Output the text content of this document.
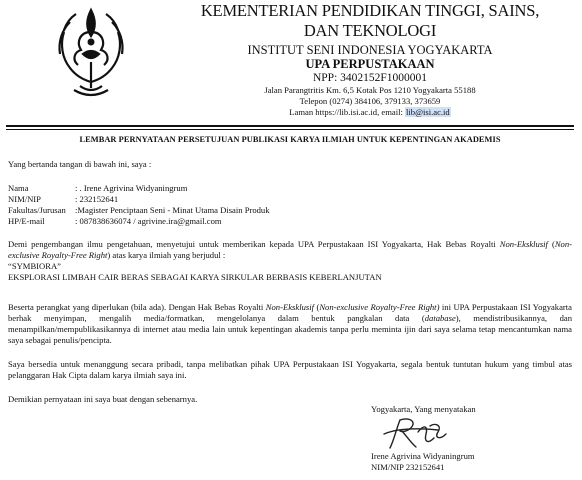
KEMENTERIAN PENDIDIKAN TINGGI, SAINS,
DAN TEKNOLOGI
INSTITUT SENI INDONESIA YOGYAKARTA
UPA PERPUSTAKAAN
NPP: 3402152F1000001
Jalan Parangtritis Km. 6,5 Kotak Pos 1210 Yogyakarta 55188
Telepon (0274) 384106, 379133, 373659
Laman https://lib.isi.ac.id, email: lib@isi.ac.id
LEMBAR PERNYATAAN PERSETUJUAN PUBLIKASI KARYA ILMIAH UNTUK KEPENTINGAN AKADEMIS

Yang bertanda tangan di bawah ini, saya :

Nama	: . Irene Agrivina Widyaningrum
NIM/NIP	: 232152641
Fakultas/Jurusan	:Magister Penciptaan Seni - Minat Utama Disain Produk
HP/E-mail	: 087838636074 / agrivine.ira@gmail.com

Demi pengembangan ilmu pengetahuan, menyetujui untuk memberikan kepada UPA Perpustakaan ISI Yogyakarta, Hak Bebas Royalti Non-Eksklusif (Non-exclusive Royalty-Free Right) atas karya ilmiah yang berjudul :

“SYMBIORA”

EKSPLORASI LIMBAH CAIR BERAS SEBAGAI KARYA SIRKULAR BERBASIS KEBERLANJUTAN

Beserta perangkat yang diperlukan (bila ada). Dengan Hak Bebas Royalti Non-Eksklusif (Non-exclusive Royalty-Free Right) ini UPA Perpustakaan ISI Yogyakarta berhak menyimpan, mengalih media/formatkan, mengelolanya dalam bentuk pangkalan data (database), mendistribusikannya, dan menampilkan/mempublikasikannya di internet atau media lain untuk kepentingan akademis tanpa perlu meminta ijin dari saya selama tetap mencantumkan nama saya sebagai penulis/pencipta.

Saya bersedia untuk menanggung secara pribadi, tanpa melibatkan pihak UPA Perpustakaan ISI Yogyakarta, segala bentuk tuntutan hukum yang timbul atas pelanggaran Hak Cipta dalam karya ilmiah saya ini.

Demikian pernyataan ini saya buat dengan sebenarnya.

Yogyakarta, Yang menyatakan
Irene Agrivina Widyaningrum
NIM/NIP 232152641
